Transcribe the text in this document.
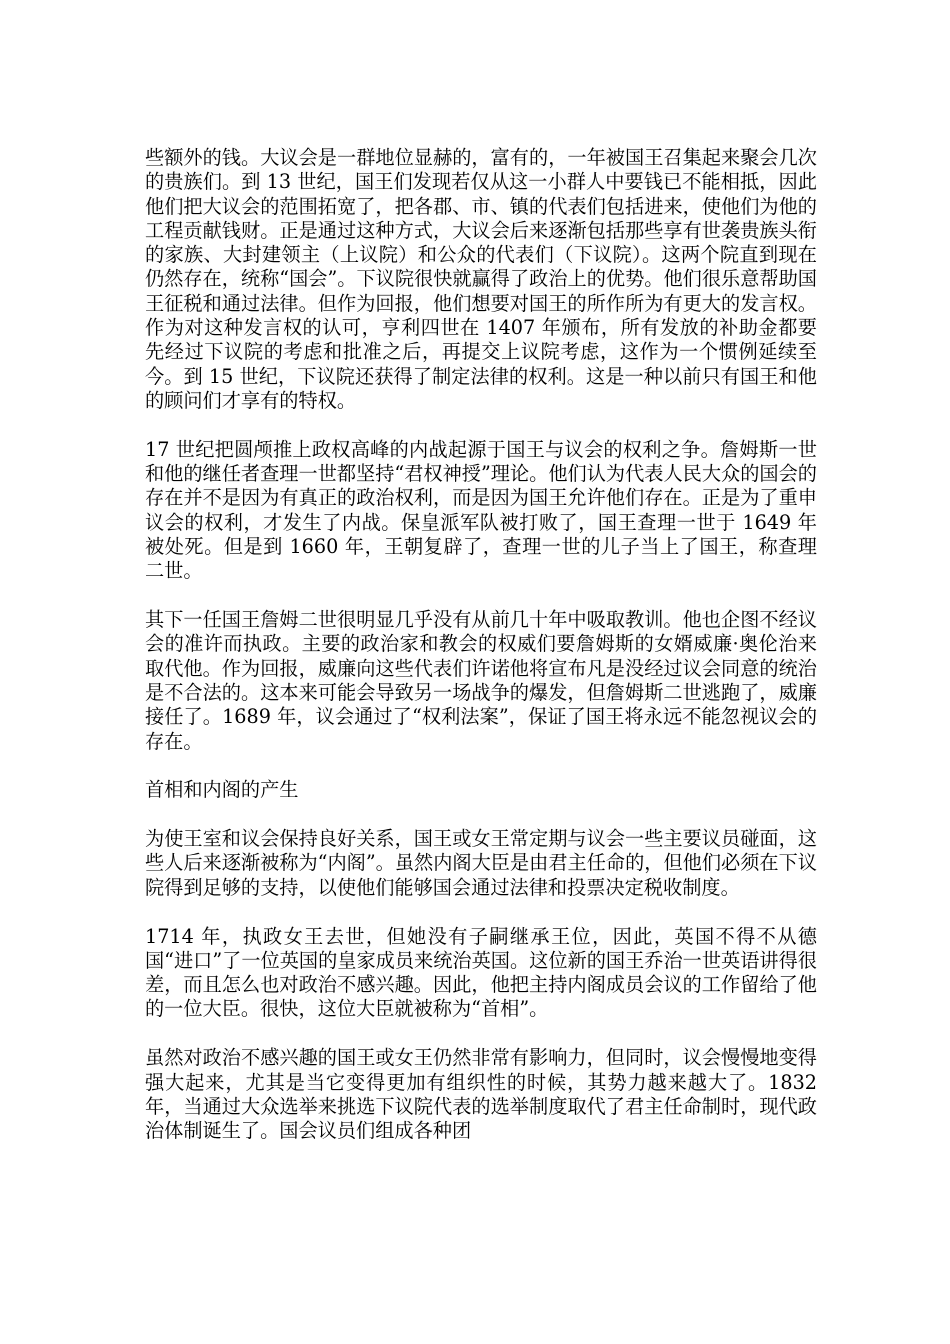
些额外的钱。大议会是一群地位显赫的，富有的，一年被国王召集起来聚会几次的贵族们。到 13 世纪，国王们发现若仅从这一小群人中要钱已不能相抵，因此他们把大议会的范围拓宽了，把各郡、市、镇的代表们包括进来，使他们为他的工程贡献钱财。正是通过这种方式，大议会后来逐渐包括那些享有世袭贵族头衔的家族、大封建领主（上议院）和公众的代表们（下议院）。这两个院直到现在仍然存在，统称“国会”。下议院很快就赢得了政治上的优势。他们很乐意帮助国王征税和通过法律。但作为回报，他们想要对国王的所作所为有更大的发言权。作为对这种发言权的认可，亨利四世在 1407 年颁布，所有发放的补助金都要先经过下议院的考虑和批准之后，再提交上议院考虑，这作为一个惯例延续至今。到 15 世纪，下议院还获得了制定法律的权利。这是一种以前只有国王和他的顾问们才享有的特权。

17 世纪把圆颅推上政权高峰的内战起源于国王与议会的权利之争。詹姆斯一世和他的继任者查理一世都坚持“君权神授”理论。他们认为代表人民大众的国会的存在并不是因为有真正的政治权利，而是因为国王允许他们存在。正是为了重申议会的权利，才发生了内战。保皇派军队被打败了，国王查理一世于 1649 年被处死。但是到 1660 年，王朝复辟了，查理一世的儿子当上了国王，称查理二世。

其下一任国王詹姆二世很明显几乎没有从前几十年中吸取教训。他也企图不经议会的准许而执政。主要的政治家和教会的权威们要詹姆斯的女婿威廉·奥伦治来取代他。作为回报，威廉向这些代表们许诺他将宣布凡是没经过议会同意的统治是不合法的。这本来可能会导致另一场战争的爆发，但詹姆斯二世逃跑了，威廉接任了。1689 年，议会通过了“权利法案”，保证了国王将永远不能忽视议会的存在。

首相和内阁的产生

为使王室和议会保持良好关系，国王或女王常定期与议会一些主要议员碰面，这些人后来逐渐被称为“内阁”。虽然内阁大臣是由君主任命的，但他们必须在下议院得到足够的支持，以使他们能够国会通过法律和投票决定税收制度。

1714 年，执政女王去世，但她没有子嗣继承王位，因此，英国不得不从德国“进口”了一位英国的皇家成员来统治英国。这位新的国王乔治一世英语讲得很差，而且怎么也对政治不感兴趣。因此，他把主持内阁成员会议的工作留给了他的一位大臣。很快，这位大臣就被称为“首相”。

虽然对政治不感兴趣的国王或女王仍然非常有影响力，但同时，议会慢慢地变得强大起来，尤其是当它变得更加有组织性的时候，其势力越来越大了。1832 年，当通过大众选举来挑选下议院代表的选举制度取代了君主任命制时，现代政治体制诞生了。国会议员们组成各种团
